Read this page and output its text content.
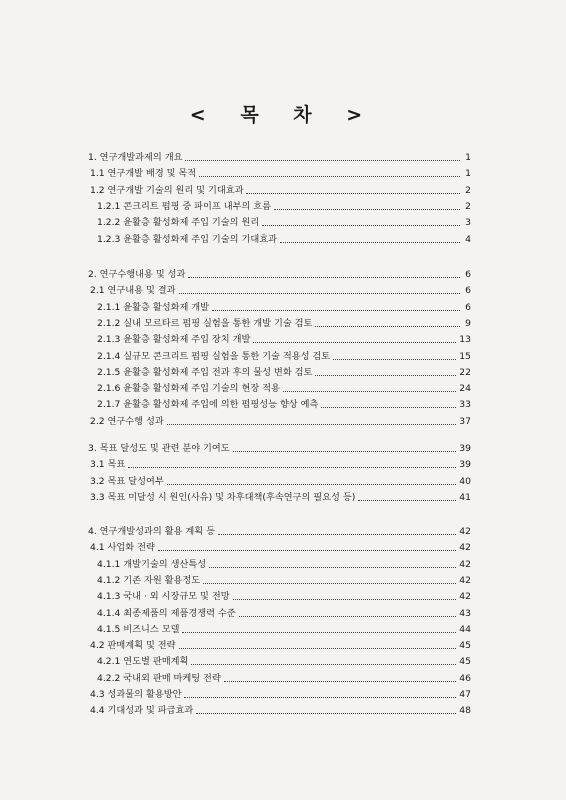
< 목 차 >
1. 연구개발과제의 개요	1
1.1 연구개발 배경 및 목적	1
1.2 연구개발 기술의 원리 및 기대효과	2
1.2.1 콘크리트 펌핑 중 파이프 내부의 흐름	2
1.2.2 윤활층 활성화제 주입 기술의 원리	3
1.2.3 윤활층 활성화제 주입 기술의 기대효과	4
2. 연구수행내용 및 성과	6
2.1 연구내용 및 결과	6
2.1.1 윤활층 활성화제 개발	6
2.1.2 실내 모르타르 펌핑 실험을 통한 개발 기술 검토	9
2.1.3 윤활층 활성화제 주입 장치 개발	13
2.1.4 실규모 콘크리트 펌핑 실험을 통한 기술 적용성 검토	15
2.1.5 윤활층 활성화제 주입 전과 후의 물성 변화 검토	22
2.1.6 윤활층 활성화제 주입 기술의 현장 적용	24
2.1.7 윤활층 활성화제 주입에 의한 펌핑성능 향상 예측	33
2.2 연구수행 성과	37
3. 목표 달성도 및 관련 분야 기여도	39
3.1 목표	39
3.2 목표 달성여부	40
3.3 목표 미달성 시 원인(사유) 및 차후대책(후속연구의 필요성 등)	41
4. 연구개발성과의 활용 계획 등	42
4.1 사업화 전략	42
4.1.1 개발기술의 생산특성	42
4.1.2 기존 자원 활용정도	42
4.1.3 국내 · 외 시장규모 및 전망	42
4.1.4 최종제품의 제품경쟁력 수준	43
4.1.5 비즈니스 모델	44
4.2 판매계획 및 전략	45
4.2.1 연도별 판매계획	45
4.2.2 국내외 판매 마케팅 전략	46
4.3 성과물의 활용방안	47
4.4 기대성과 및 파급효과	48
